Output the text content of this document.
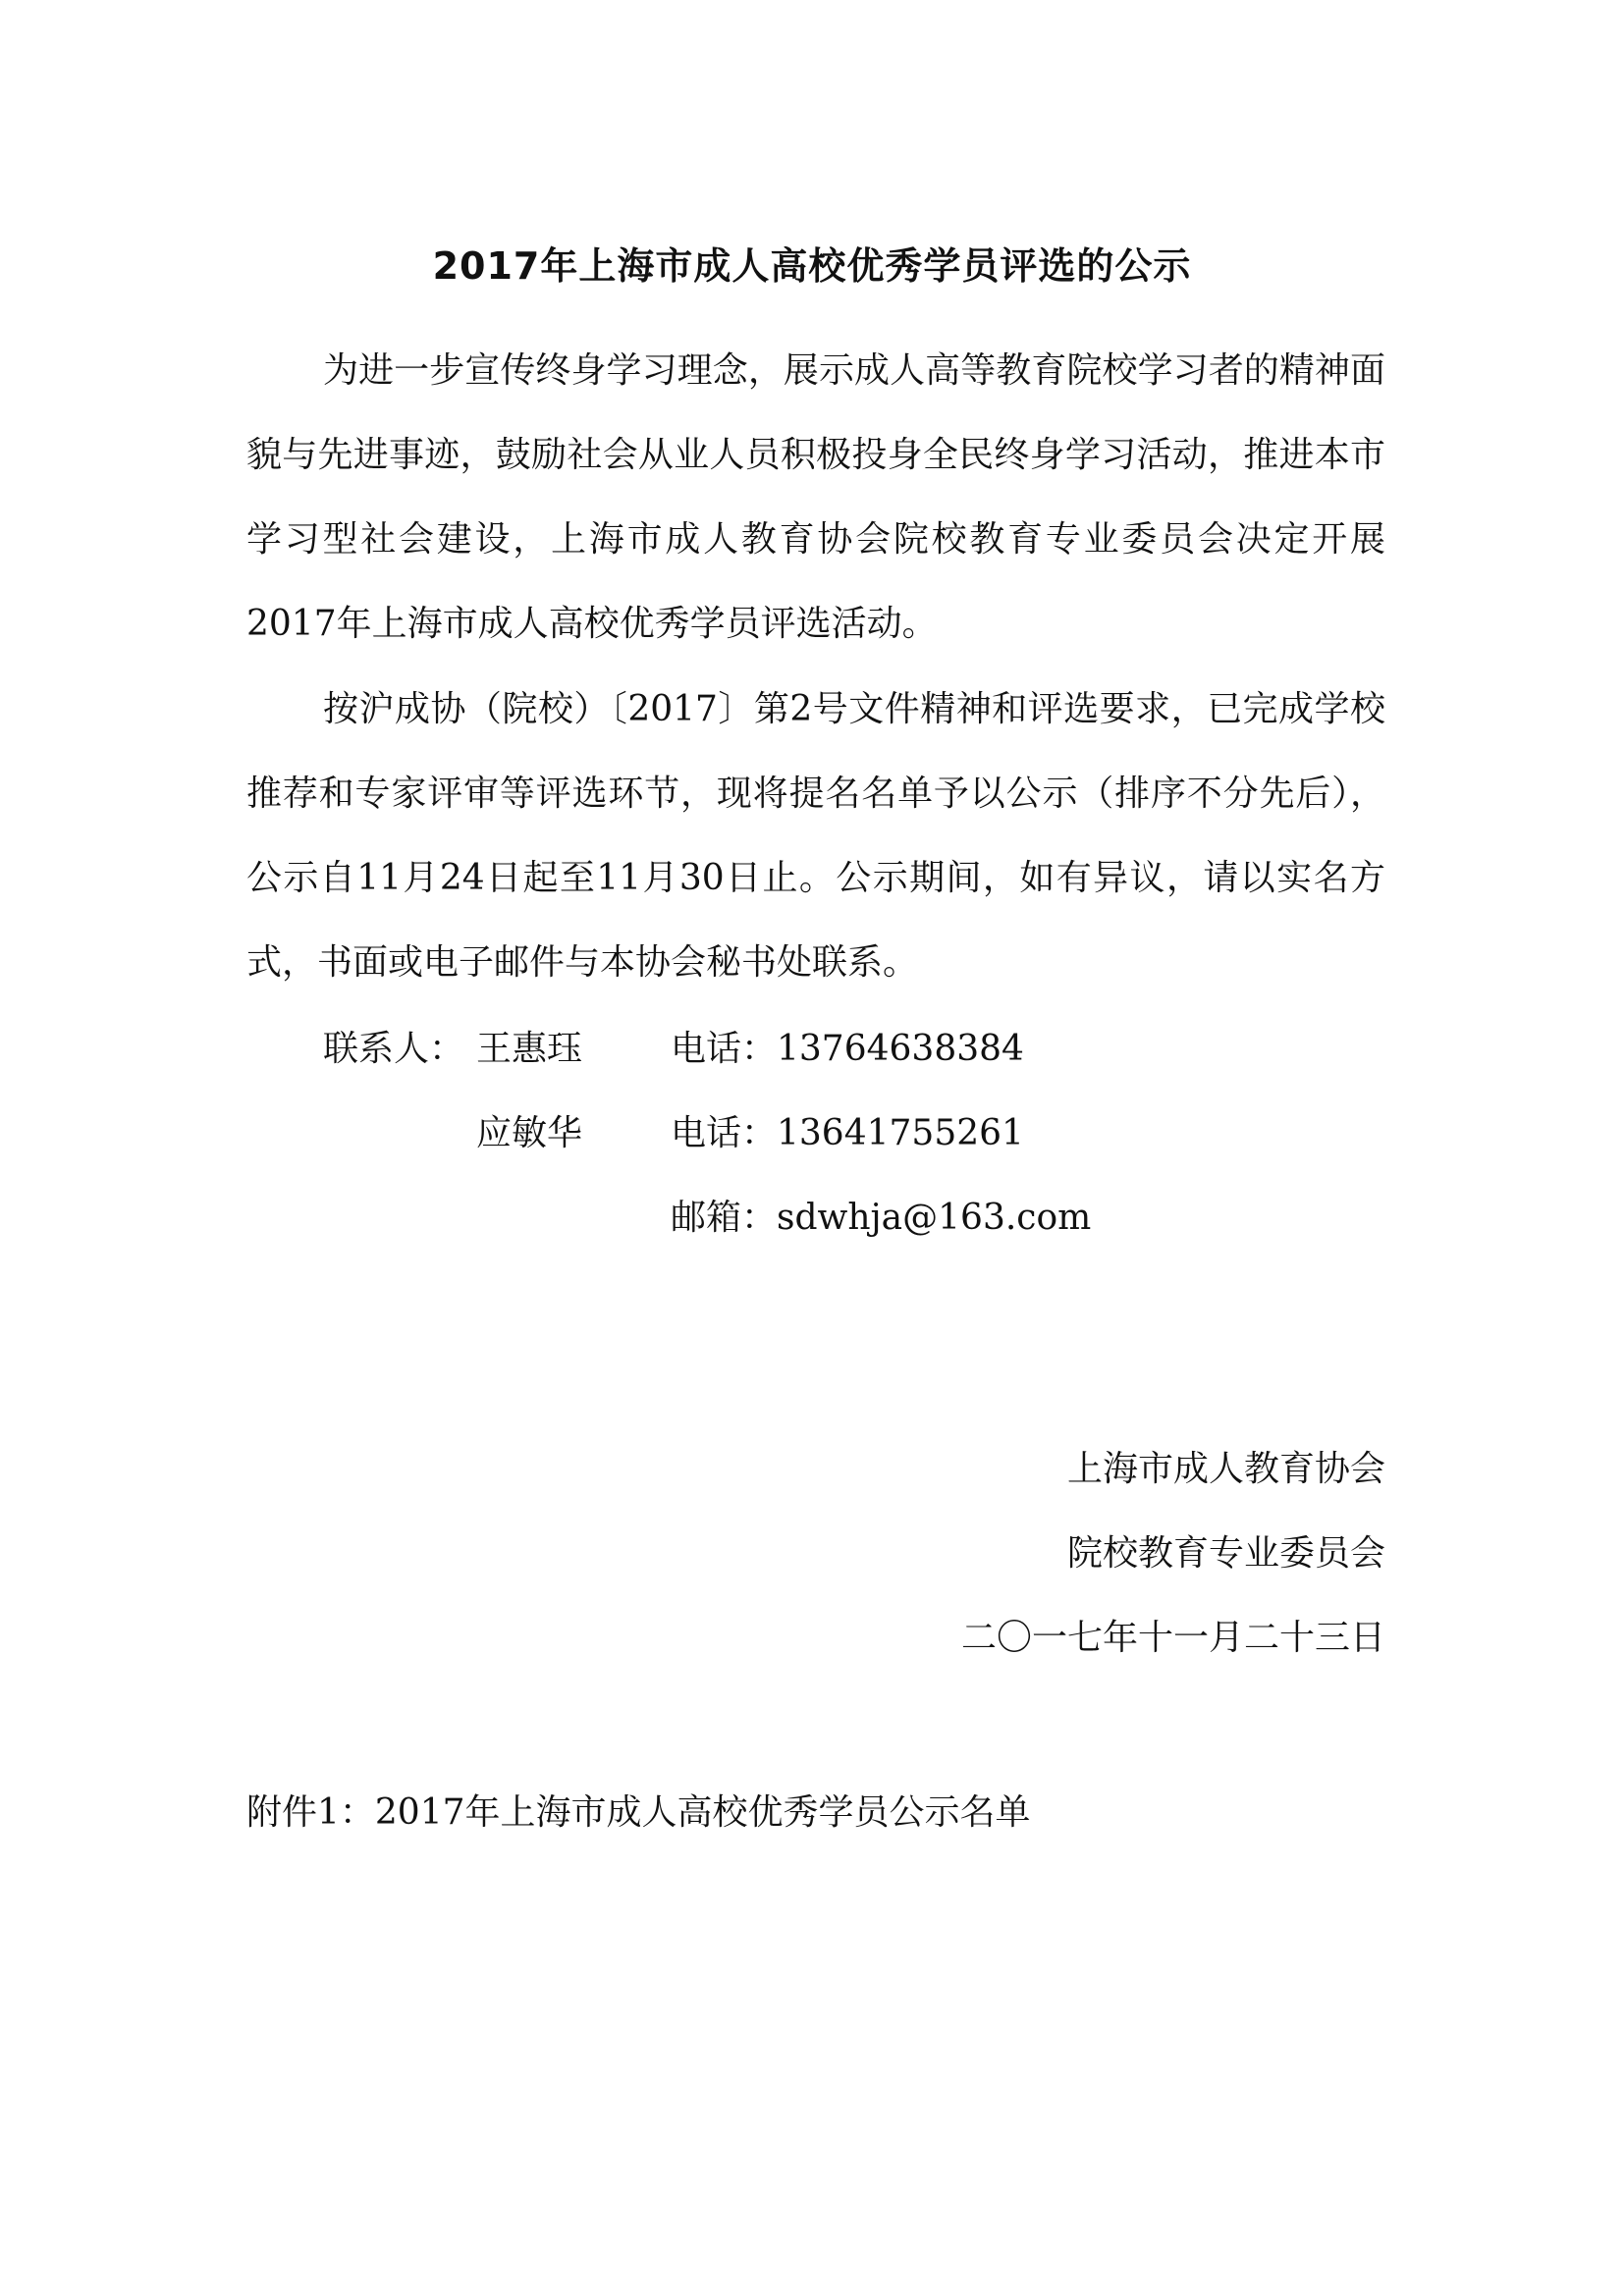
2017年上海市成人高校优秀学员评选的公示

为进一步宣传终身学习理念，展示成人高等教育院校学习者的精神面貌与先进事迹，鼓励社会从业人员积极投身全民终身学习活动，推进本市学习型社会建设，上海市成人教育协会院校教育专业委员会决定开展2017年上海市成人高校优秀学员评选活动。

按沪成协（院校）〔2017〕第2号文件精神和评选要求，已完成学校推荐和专家评审等评选环节，现将提名名单予以公示（排序不分先后），公示自11月24日起至11月30日止。公示期间，如有异议，请以实名方式，书面或电子邮件与本协会秘书处联系。

联系人： 王惠珏 电话：13764638384
应敏华 电话：13641755261
邮箱：sdwhja@163.com
上海市成人教育协会
院校教育专业委员会
二〇一七年十一月二十三日
附件1：2017年上海市成人高校优秀学员公示名单
